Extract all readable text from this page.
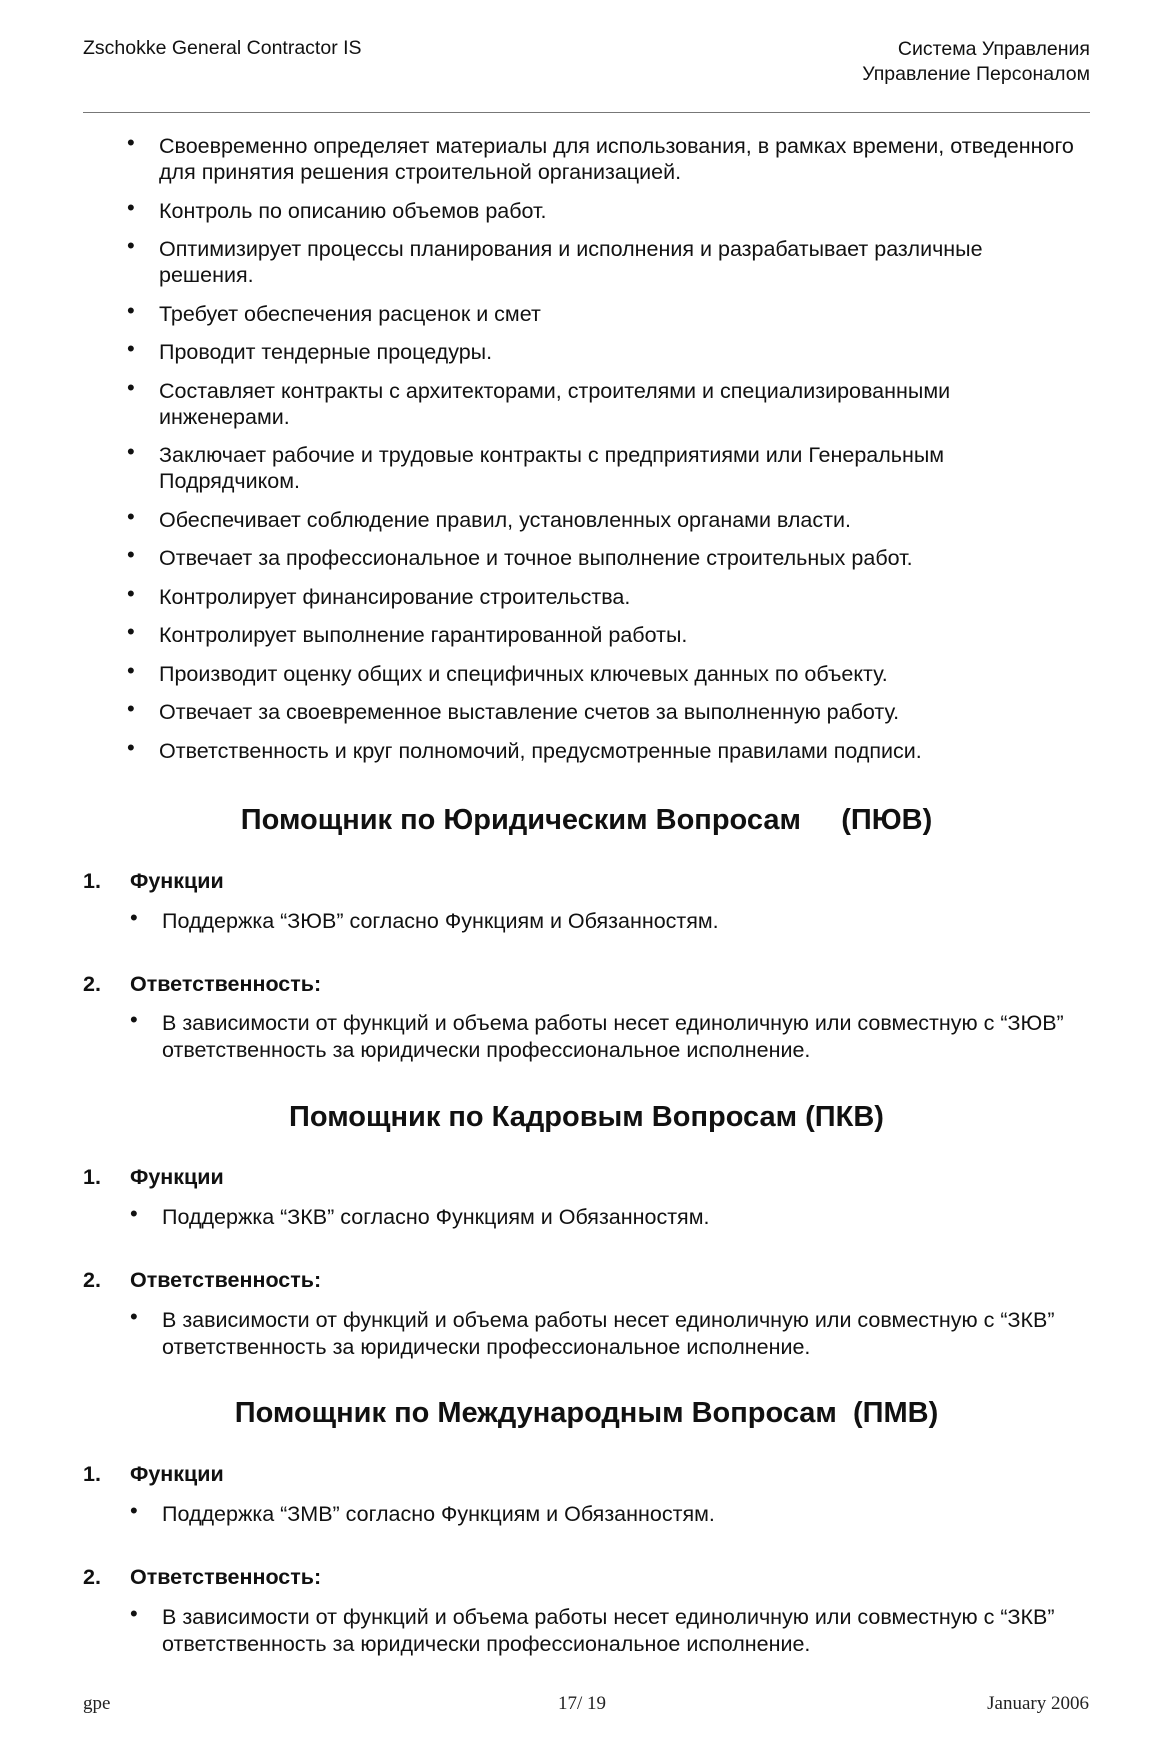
Zschokke General Contractor IS	Система Управления
Управление Персоналом
• Своевременно определяет материалы для использования, в рамках времени, отведенного для принятия решения строительной организацией.
• Контроль по описанию объемов работ.
• Оптимизирует процессы планирования и исполнения и разрабатывает различные решения.
• Требует обеспечения расценок и смет
• Проводит тендерные процедуры.
• Составляет контракты с архитекторами, строителями и специализированными инженерами.
• Заключает рабочие и трудовые контракты с предприятиями или Генеральным Подрядчиком.
• Обеспечивает соблюдение правил, установленных органами власти.
• Отвечает за профессиональное и точное выполнение строительных работ.
• Контролирует финансирование строительства.
• Контролирует выполнение гарантированной работы.
• Производит оценку общих и специфичных ключевых данных по объекту.
• Отвечает за своевременное выставление счетов за выполненную работу.
• Ответственность и круг полномочий, предусмотренные правилами подписи.
Помощник по Юридическим Вопросам     (ПЮВ)
1. Функции
• Поддержка “ЗЮВ” согласно Функциям и Обязанностям.
2. Ответственность:
• В зависимости от функций и объема работы несет единоличную или совместную с “ЗЮВ” ответственность за юридически профессиональное исполнение.
Помощник по Кадровым Вопросам (ПКВ)
1. Функции
• Поддержка “ЗКВ” согласно Функциям и Обязанностям.
2. Ответственность:
• В зависимости от функций и объема работы несет единоличную или совместную с “ЗКВ” ответственность за юридически профессиональное исполнение.
Помощник по Международным Вопросам  (ПМВ)
1. Функции
• Поддержка “ЗМВ” согласно Функциям и Обязанностям.
2. Ответственность:
• В зависимости от функций и объема работы несет единоличную или совместную с “ЗКВ” ответственность за юридически профессиональное исполнение.
gpe	17/ 19	January 2006
